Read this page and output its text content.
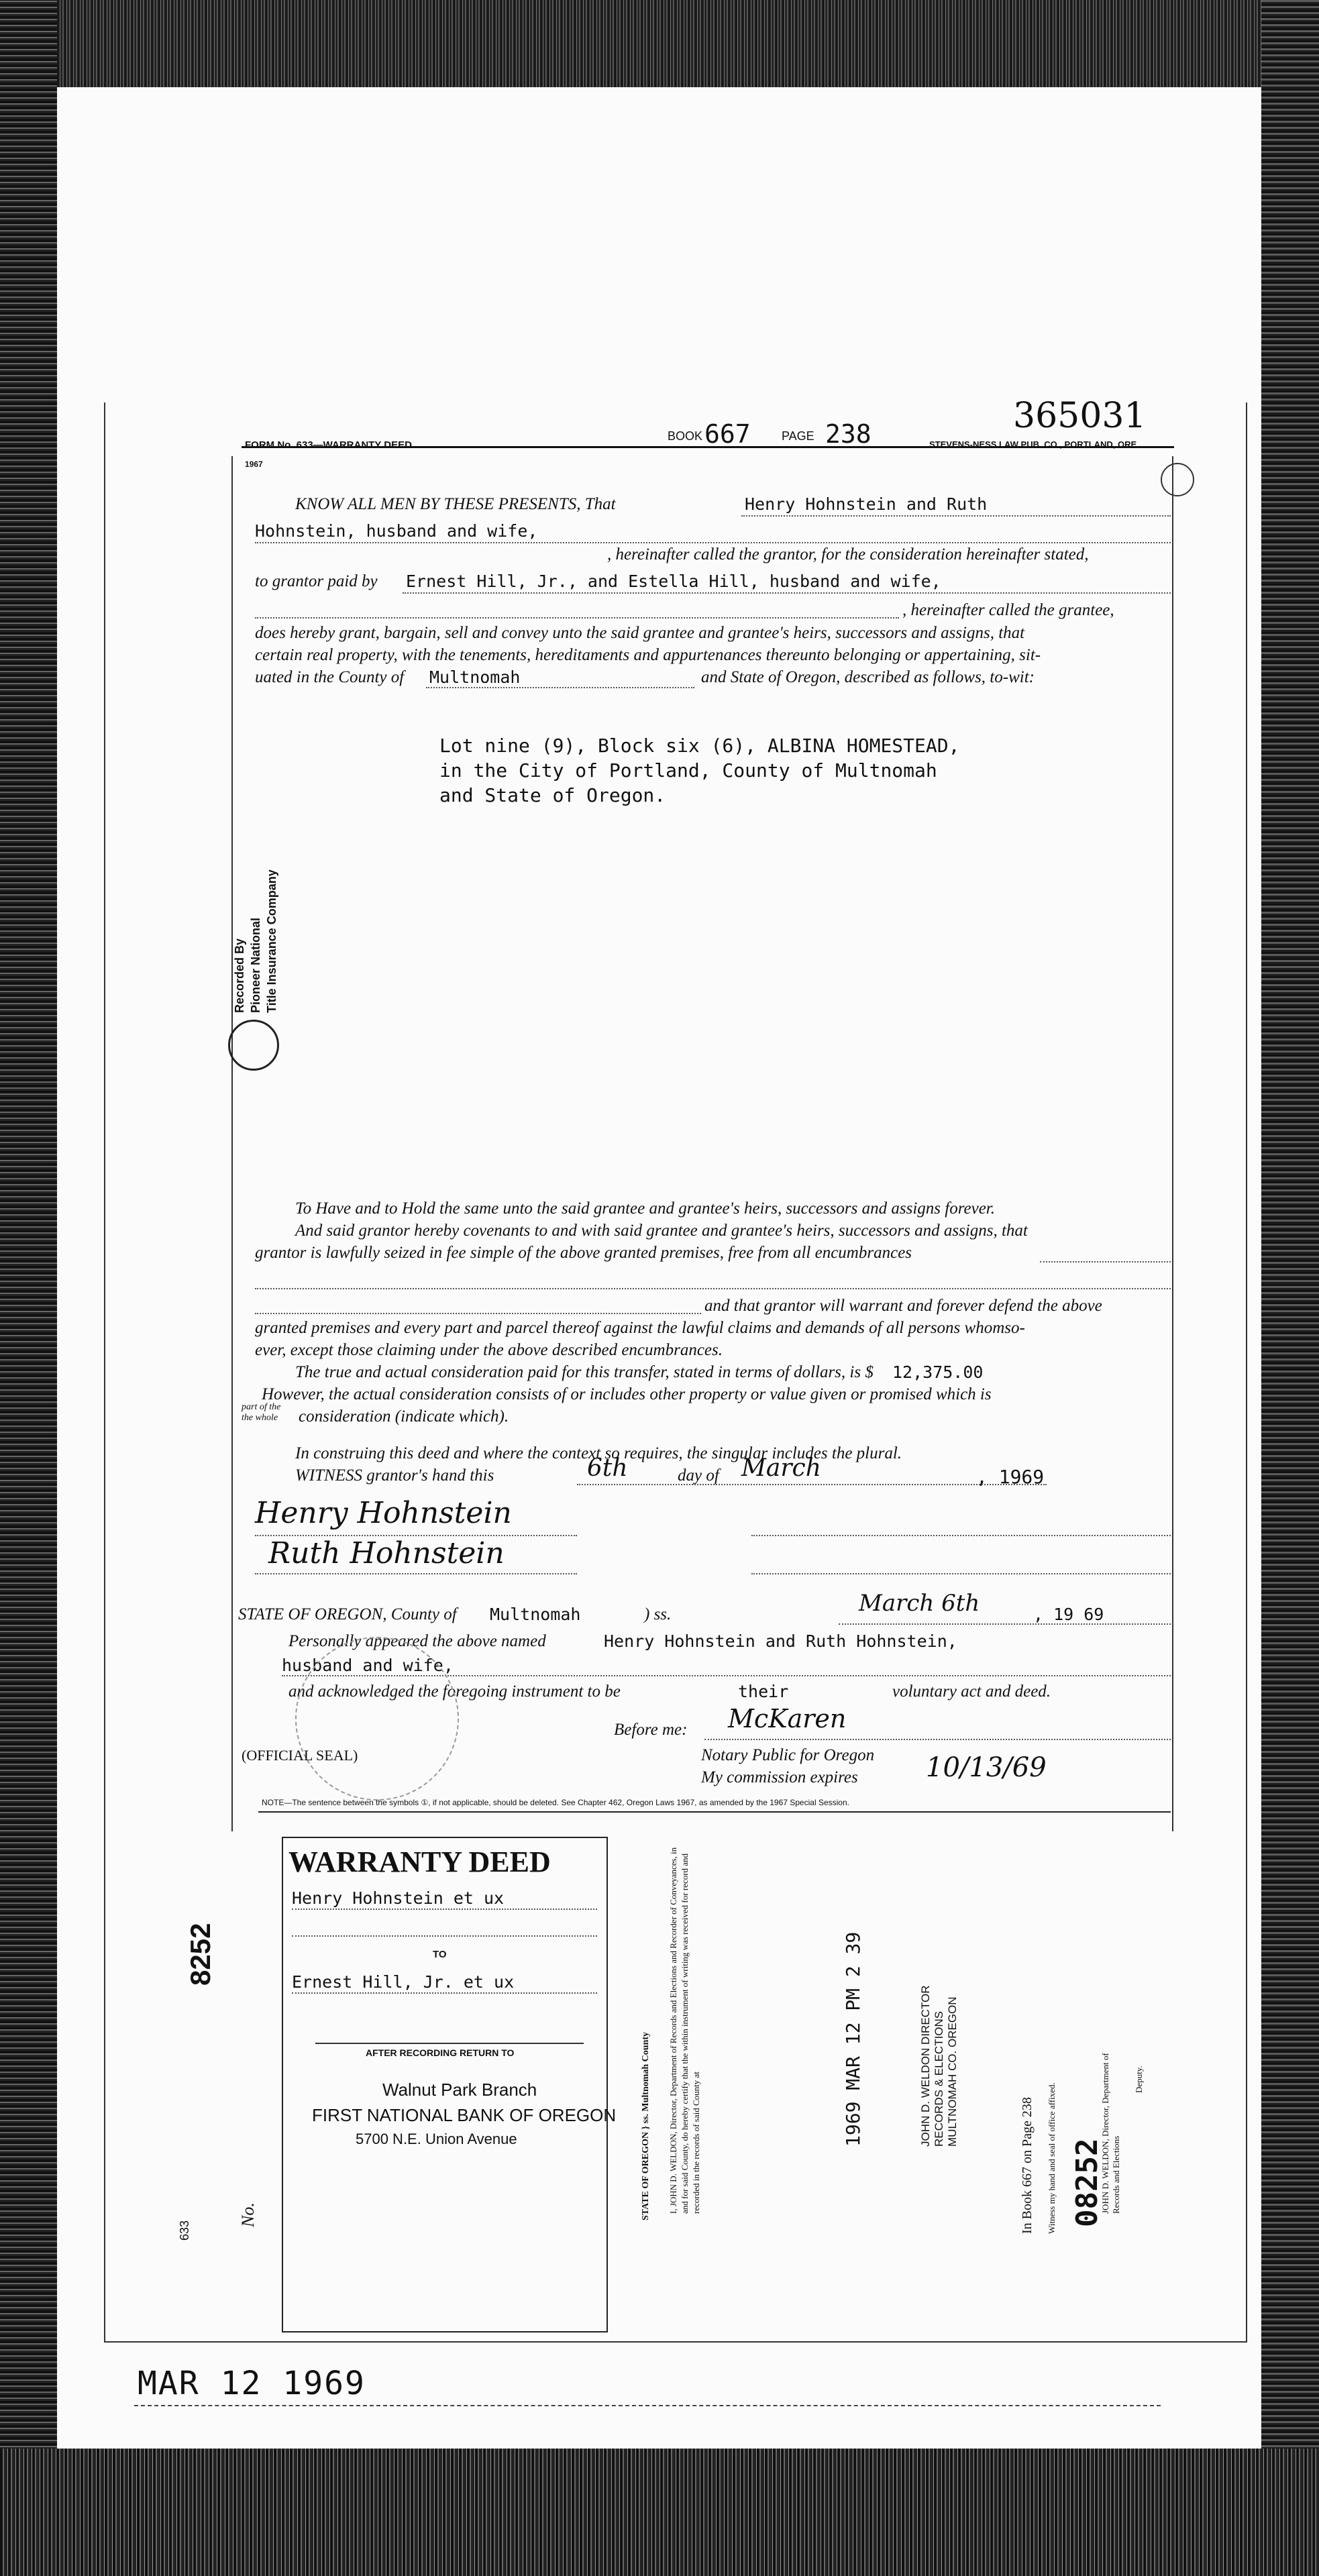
FORM No. 633—WARRANTY DEED.
1967
BOOK 667	PAGE 238	STEVENS-NESS LAW PUB. CO., PORTLAND, ORE.
365031
KNOW ALL MEN BY THESE PRESENTS, That	Henry Hohnstein and Ruth
Hohnstein, husband and wife,
, hereinafter called the grantor, for the consideration hereinafter stated,
to grantor paid by Ernest Hill, Jr., and Estella Hill, husband and wife,
, hereinafter called the grantee,
does hereby grant, bargain, sell and convey unto the said grantee and grantee's heirs, successors and assigns, that
certain real property, with the tenements, hereditaments and appurtenances thereunto belonging or appertaining, sit-
uated in the County of Multnomah	and State of Oregon, described as follows, to-wit:
Lot nine (9), Block six (6), ALBINA HOMESTEAD,
in the City of Portland, County of Multnomah
and State of Oregon.
Recorded By Pioneer National Title Insurance Company
To Have and to Hold the same unto the said grantee and grantee's heirs, successors and assigns forever.
And said grantor hereby covenants to and with said grantee and grantee's heirs, successors and assigns, that
grantor is lawfully seized in fee simple of the above granted premises, free from all encumbrances
and that grantor will warrant and forever defend the above
granted premises and every part and parcel thereof against the lawful claims and demands of all persons whomso-
ever, except those claiming under the above described encumbrances.
The true and actual consideration paid for this transfer, stated in terms of dollars, is $ 12,375.00
However, the actual consideration consists of or includes other property or value given or promised which is
part of the
the whole consideration (indicate which).
In construing this deed and where the context so requires, the singular includes the plural.
WITNESS grantor's hand this	6th	day of March	, 1969
Henry Hohnstein
Ruth Hohnstein
STATE OF OREGON, County of Multnomah	) ss.	March 6th	, 19 69
Personally appeared the above named	Henry Hohnstein and Ruth Hohnstein,
husband and wife,
and acknowledged the foregoing instrument to be	their	voluntary act and deed.
Before me: McKaren
(OFFICIAL SEAL)	Notary Public for Oregon
My commission expires	10/13/69
NOTE—The sentence between the symbols ①, if not applicable, should be deleted. See Chapter 462, Oregon Laws 1967, as amended by the 1967 Special Session.
WARRANTY DEED
Henry Hohnstein et ux
TO
Ernest Hill, Jr. et ux
AFTER RECORDING RETURN TO
Walnut Park Branch
FIRST NATIONAL BANK OF OREGON
5700 N.E. Union Avenue
No.
8252
633
STATE OF OREGON } ss. Multnomah County I, JOHN D. WELDON, Director, Department of Records and Elections and Recorder of Conveyances, in and for said County, do hereby certify that the within instrument of writing was received for record and recorded in the records of said County at	1969 MAR 12 PM 2 39	JOHN D. WELDON DIRECTOR RECORDS & ELECTIONS MULTNOMAH CO. OREGON
In Book 667 on Page 238 Witness my hand and seal of office affixed.	JOHN D. WELDON, Director, Department of Records and Elections
Deputy.
08252
MAR 12 1969
